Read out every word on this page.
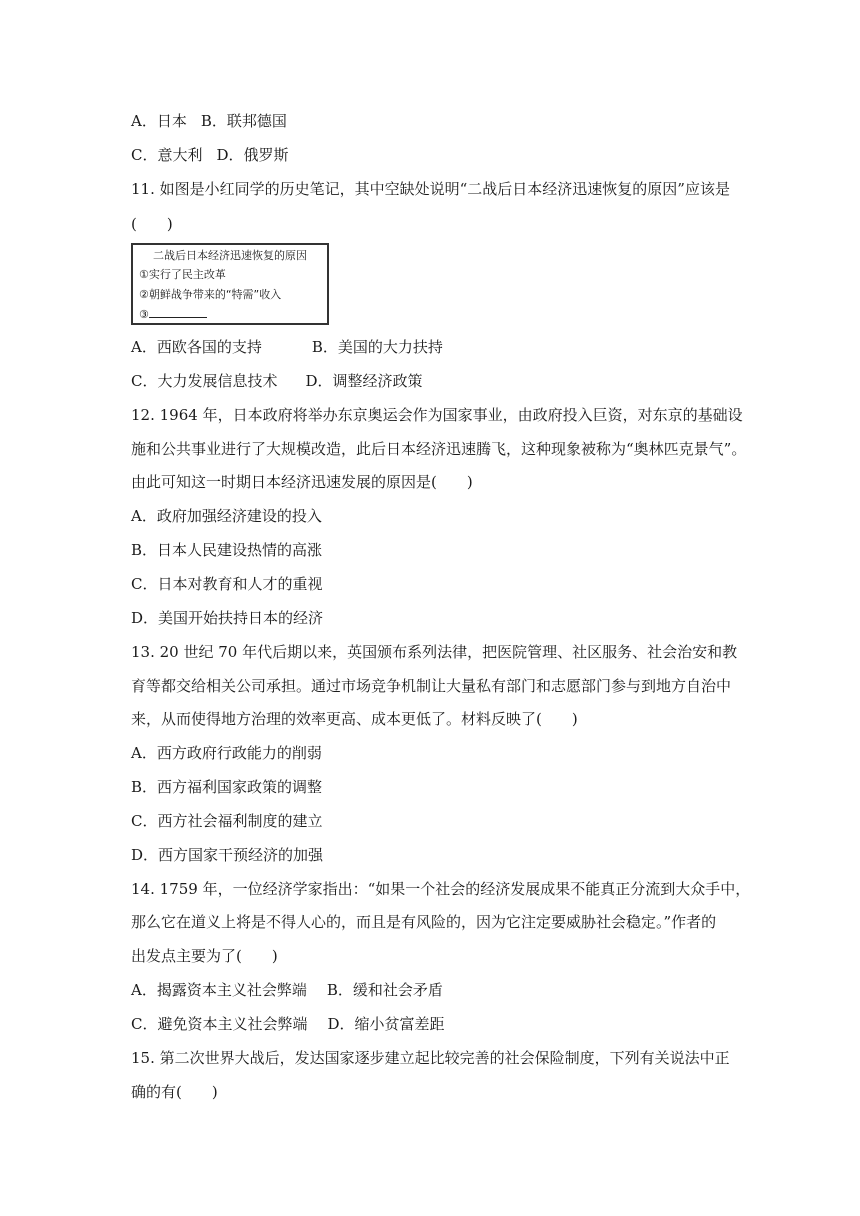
A．日本 B．联邦德国
C．意大利 D．俄罗斯
11. 如图是小红同学的历史笔记，其中空缺处说明“二战后日本经济迅速恢复的原因”应该是
(　　)
二战后日本经济迅速恢复的原因
①实行了民主改革
②朝鲜战争带来的“特需”收入
③
A．西欧各国的支持	B．美国的大力扶持
C．大力发展信息技术 D．调整经济政策
12. 1964 年，日本政府将举办东京奥运会作为国家事业，由政府投入巨资，对东京的基础设
施和公共事业进行了大规模改造，此后日本经济迅速腾飞，这种现象被称为“奥林匹克景气”。
由此可知这一时期日本经济迅速发展的原因是(　　)
A．政府加强经济建设的投入
B．日本人民建设热情的高涨
C．日本对教育和人才的重视
D．美国开始扶持日本的经济
13. 20 世纪 70 年代后期以来，英国颁布系列法律，把医院管理、社区服务、社会治安和教
育等都交给相关公司承担。通过市场竞争机制让大量私有部门和志愿部门参与到地方自治中
来，从而使得地方治理的效率更高、成本更低了。材料反映了(　　)
A．西方政府行政能力的削弱
B．西方福利国家政策的调整
C．西方社会福利制度的建立
D．西方国家干预经济的加强
14. 1759 年，一位经济学家指出：“如果一个社会的经济发展成果不能真正分流到大众手中，
那么它在道义上将是不得人心的，而且是有风险的，因为它注定要威胁社会稳定。”作者的
出发点主要为了(　　)
A．揭露资本主义社会弊端 B．缓和社会矛盾
C．避免资本主义社会弊端 D．缩小贫富差距
15. 第二次世界大战后，发达国家逐步建立起比较完善的社会保险制度，下列有关说法中正
确的有(　　)
